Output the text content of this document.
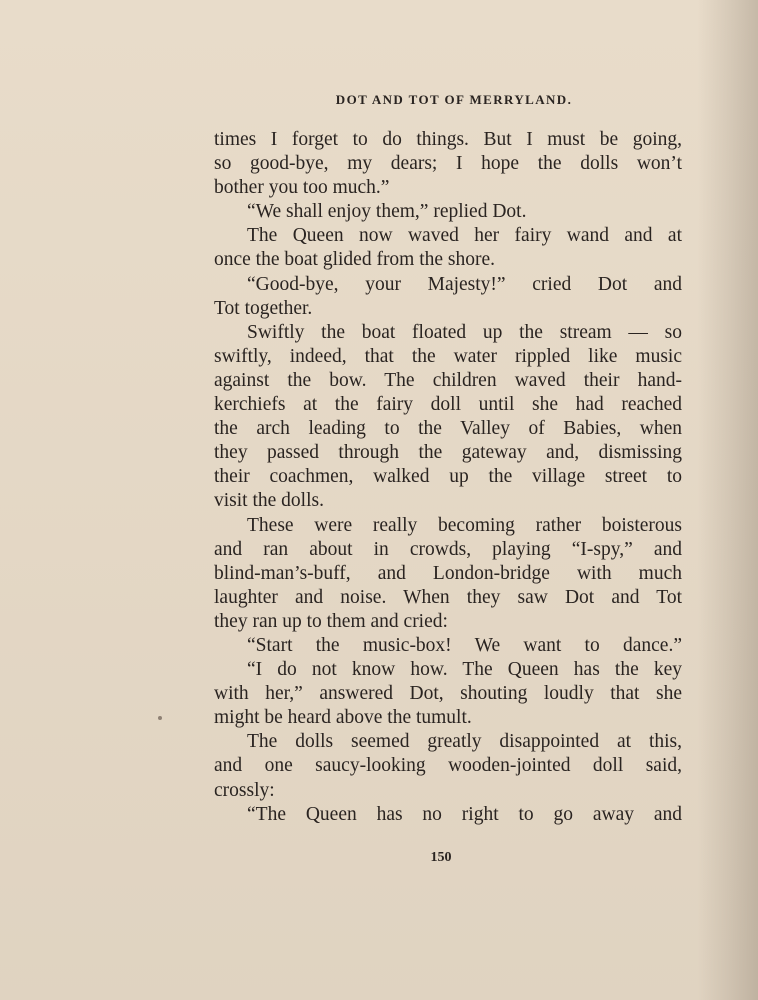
DOT AND TOT OF MERRYLAND.
times I forget to do things. But I must be going,
so good-bye, my dears; I hope the dolls won’t
bother you too much.”
“We shall enjoy them,” replied Dot.
The Queen now waved her fairy wand and at
once the boat glided from the shore.
“Good-bye, your Majesty!” cried Dot and
Tot together.
Swiftly the boat floated up the stream — so
swiftly, indeed, that the water rippled like music
against the bow. The children waved their hand-
kerchiefs at the fairy doll until she had reached
the arch leading to the Valley of Babies, when
they passed through the gateway and, dismissing
their coachmen, walked up the village street to
visit the dolls.
These were really becoming rather boisterous
and ran about in crowds, playing “I-spy,” and
blind-man’s-buff, and London-bridge with much
laughter and noise. When they saw Dot and Tot
they ran up to them and cried:
“Start the music-box! We want to dance.”
“I do not know how. The Queen has the key
with her,” answered Dot, shouting loudly that she
might be heard above the tumult.
The dolls seemed greatly disappointed at this,
and one saucy-looking wooden-jointed doll said,
crossly:
“The Queen has no right to go away and
150
